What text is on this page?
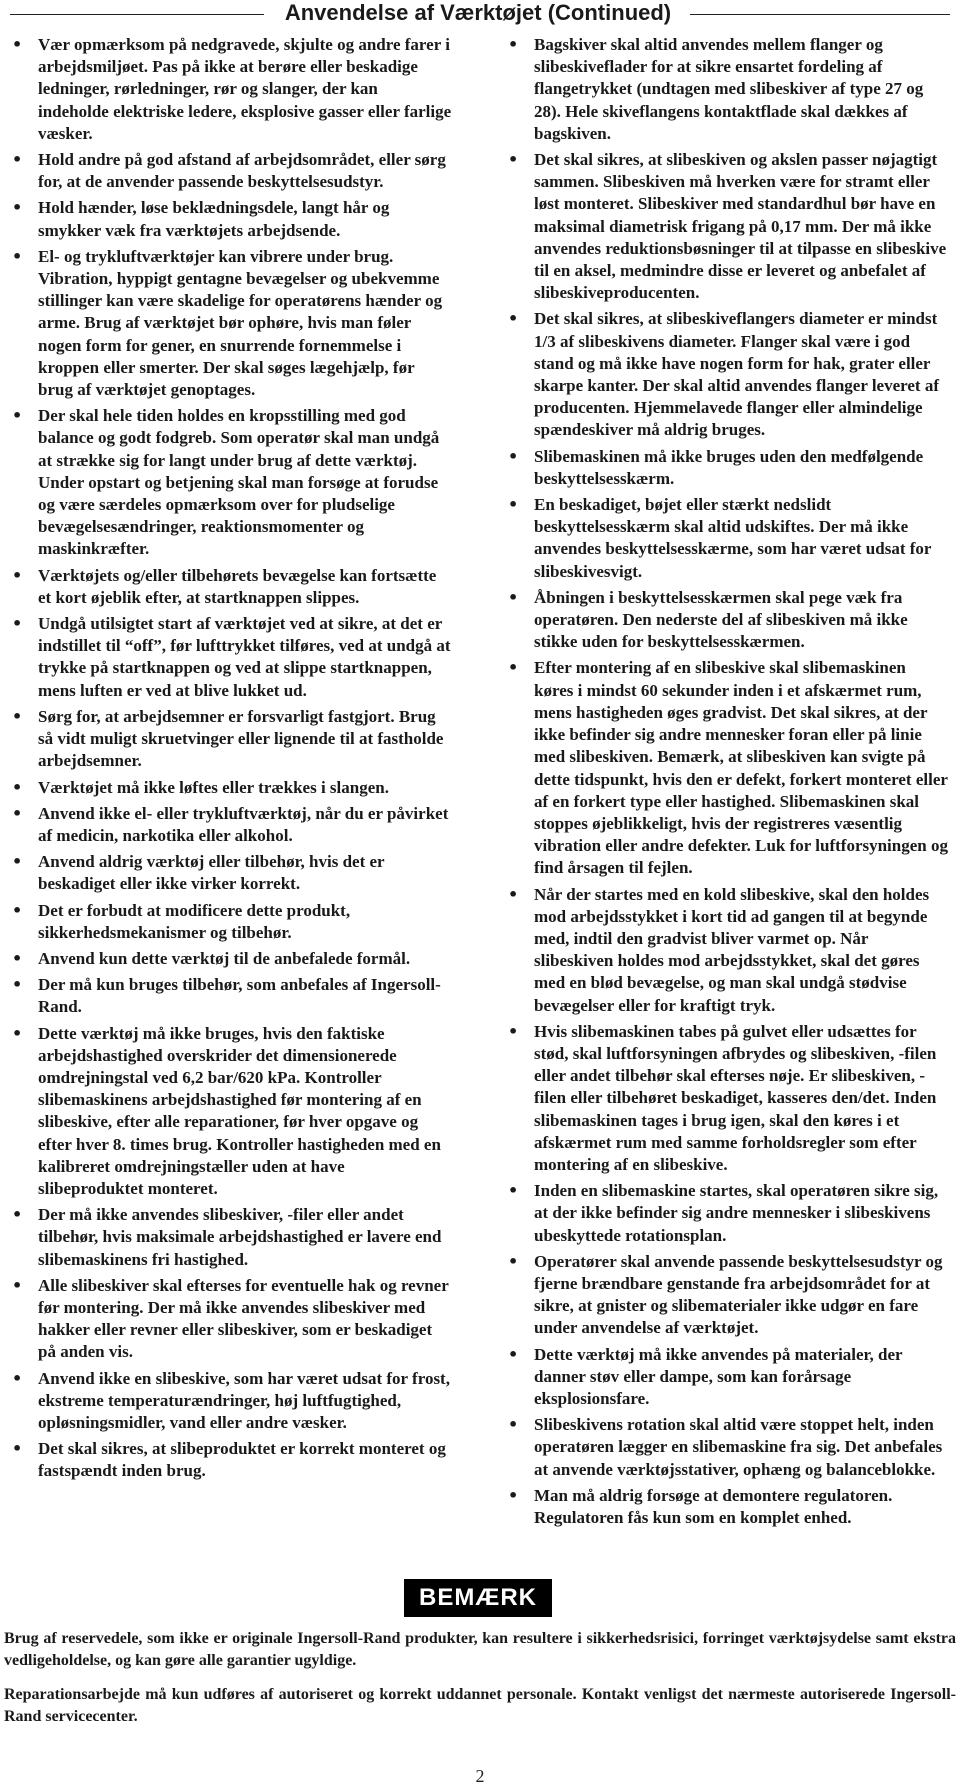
Anvendelse af Værktøjet (Continued)
• Vær opmærksom på nedgravede, skjulte og andre farer i arbejdsmiljøet. Pas på ikke at berøre eller beskadige ledninger, rørledninger, rør og slanger, der kan indeholde elektriske ledere, eksplosive gasser eller farlige væsker.
• Hold andre på god afstand af arbejdsområdet, eller sørg for, at de anvender passende beskyttelsesudstyr.
• Hold hænder, løse beklædningsdele, langt hår og smykker væk fra værktøjets arbejdsende.
• El- og trykluftværktøjer kan vibrere under brug. Vibration, hyppigt gentagne bevægelser og ubekvemme stillinger kan være skadelige for operatørens hænder og arme. Brug af værktøjet bør ophøre, hvis man føler nogen form for gener, en snurrende fornemmelse i kroppen eller smerter. Der skal søges lægehjælp, før brug af værktøjet genoptages.
• Der skal hele tiden holdes en kropsstilling med god balance og godt fodgreb. Som operatør skal man undgå at strække sig for langt under brug af dette værktøj. Under opstart og betjening skal man forsøge at forudse og være særdeles opmærksom over for pludselige bevægelsesændringer, reaktionsmomenter og maskinkræfter.
• Værktøjets og/eller tilbehørets bevægelse kan fortsætte et kort øjeblik efter, at startknappen slippes.
• Undgå utilsigtet start af værktøjet ved at sikre, at det er indstillet til “off”, før lufttrykket tilføres, ved at undgå at trykke på startknappen og ved at slippe startknappen, mens luften er ved at blive lukket ud.
• Sørg for, at arbejdsemner er forsvarligt fastgjort. Brug så vidt muligt skruetvinger eller lignende til at fastholde arbejdsemner.
• Værktøjet må ikke løftes eller trækkes i slangen.
• Anvend ikke el- eller trykluftværktøj, når du er påvirket af medicin, narkotika eller alkohol.
• Anvend aldrig værktøj eller tilbehør, hvis det er beskadiget eller ikke virker korrekt.
• Det er forbudt at modificere dette produkt, sikkerhedsmekanismer og tilbehør.
• Anvend kun dette værktøj til de anbefalede formål.
• Der må kun bruges tilbehør, som anbefales af Ingersoll-Rand.
• Dette værktøj må ikke bruges, hvis den faktiske arbejdshastighed overskrider det dimensionerede omdrejningstal ved 6,2 bar/620 kPa. Kontroller slibemaskinens arbejdshastighed før montering af en slibeskive, efter alle reparationer, før hver opgave og efter hver 8. times brug. Kontroller hastigheden med en kalibreret omdrejningstæller uden at have slibeproduktet monteret.
• Der må ikke anvendes slibeskiver, -filer eller andet tilbehør, hvis maksimale arbejdshastighed er lavere end slibemaskinens fri hastighed.
• Alle slibeskiver skal efterses for eventuelle hak og revner før montering. Der må ikke anvendes slibeskiver med hakker eller revner eller slibeskiver, som er beskadiget på anden vis.
• Anvend ikke en slibeskive, som har været udsat for frost, ekstreme temperaturændringer, høj luftfugtighed, opløsningsmidler, vand eller andre væsker.
• Det skal sikres, at slibeproduktet er korrekt monteret og fastspændt inden brug.
• Bagskiver skal altid anvendes mellem flanger og slibeskiveflader for at sikre ensartet fordeling af flangetrykket (undtagen med slibeskiver af type 27 og 28). Hele skiveflangens kontaktflade skal dækkes af bagskiven.
• Det skal sikres, at slibeskiven og akslen passer nøjagtigt sammen. Slibeskiven må hverken være for stramt eller løst monteret. Slibeskiver med standardhul bør have en maksimal diametrisk frigang på 0,17 mm. Der må ikke anvendes reduktionsbøsninger til at tilpasse en slibeskive til en aksel, medmindre disse er leveret og anbefalet af slibeskiveproducenten.
• Det skal sikres, at slibeskiveflangers diameter er mindst 1/3 af slibeskivens diameter. Flanger skal være i god stand og må ikke have nogen form for hak, grater eller skarpe kanter. Der skal altid anvendes flanger leveret af producenten. Hjemmelavede flanger eller almindelige spændeskiver må aldrig bruges.
• Slibemaskinen må ikke bruges uden den medfølgende beskyttelsesskærm.
• En beskadiget, bøjet eller stærkt nedslidt beskyttelsesskærm skal altid udskiftes. Der må ikke anvendes beskyttelsesskærme, som har været udsat for slibeskivesvigt.
• Åbningen i beskyttelsesskærmen skal pege væk fra operatøren. Den nederste del af slibeskiven må ikke stikke uden for beskyttelsesskærmen.
• Efter montering af en slibeskive skal slibemaskinen køres i mindst 60 sekunder inden i et afskærmet rum, mens hastigheden øges gradvist. Det skal sikres, at der ikke befinder sig andre mennesker foran eller på linie med slibeskiven. Bemærk, at slibeskiven kan svigte på dette tidspunkt, hvis den er defekt, forkert monteret eller af en forkert type eller hastighed. Slibemaskinen skal stoppes øjeblikkeligt, hvis der registreres væsentlig vibration eller andre defekter. Luk for luftforsyningen og find årsagen til fejlen.
• Når der startes med en kold slibeskive, skal den holdes mod arbejdsstykket i kort tid ad gangen til at begynde med, indtil den gradvist bliver varmet op. Når slibeskiven holdes mod arbejdsstykket, skal det gøres med en blød bevægelse, og man skal undgå stødvise bevægelser eller for kraftigt tryk.
• Hvis slibemaskinen tabes på gulvet eller udsættes for stød, skal luftforsyningen afbrydes og slibeskiven, -filen eller andet tilbehør skal efterses nøje. Er slibeskiven, -filen eller tilbehøret beskadiget, kasseres den/det. Inden slibemaskinen tages i brug igen, skal den køres i et afskærmet rum med samme forholdsregler som efter montering af en slibeskive.
• Inden en slibemaskine startes, skal operatøren sikre sig, at der ikke befinder sig andre mennesker i slibeskivens ubeskyttede rotationsplan.
• Operatører skal anvende passende beskyttelsesudstyr og fjerne brændbare genstande fra arbejdsområdet for at sikre, at gnister og slibematerialer ikke udgør en fare under anvendelse af værktøjet.
• Dette værktøj må ikke anvendes på materialer, der danner støv eller dampe, som kan forårsage eksplosionsfare.
• Slibeskivens rotation skal altid være stoppet helt, inden operatøren lægger en slibemaskine fra sig. Det anbefales at anvende værktøjsstativer, ophæng og balanceblokke.
• Man må aldrig forsøge at demontere regulatoren. Regulatoren fås kun som en komplet enhed.
BEMÆRK
Brug af reservedele, som ikke er originale Ingersoll-Rand produkter, kan resultere i sikkerhedsrisici, forringet værktøjsydelse samt ekstra vedligeholdelse, og kan gøre alle garantier ugyldige.
Reparationsarbejde må kun udføres af autoriseret og korrekt uddannet personale. Kontakt venligst det nærmeste autoriserede Ingersoll-Rand servicecenter.
2
